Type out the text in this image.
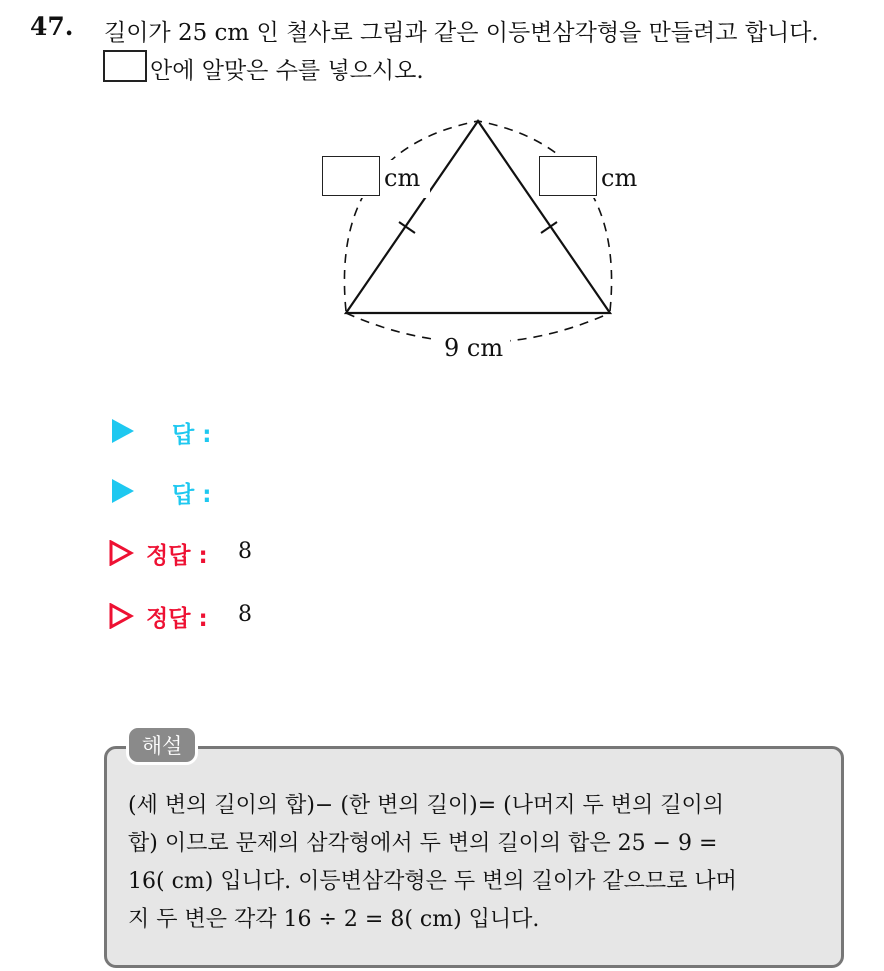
47. 길이가 25 cm 인 철사로 그림과 같은 이등변삼각형을 만들려고 합니다.
안에 알맞은 수를 넣으시오.
cm	cm
9 cm
답 :
답 :
정답 : 8
정답 : 8
해설
(세 변의 길이의 합)− (한 변의 길이)= (나머지 두 변의 길이의
합) 이므로 문제의 삼각형에서 두 변의 길이의 합은 25 − 9 =
16( cm) 입니다. 이등변삼각형은 두 변의 길이가 같으므로 나머
지 두 변은 각각 16 ÷ 2 = 8( cm) 입니다.
